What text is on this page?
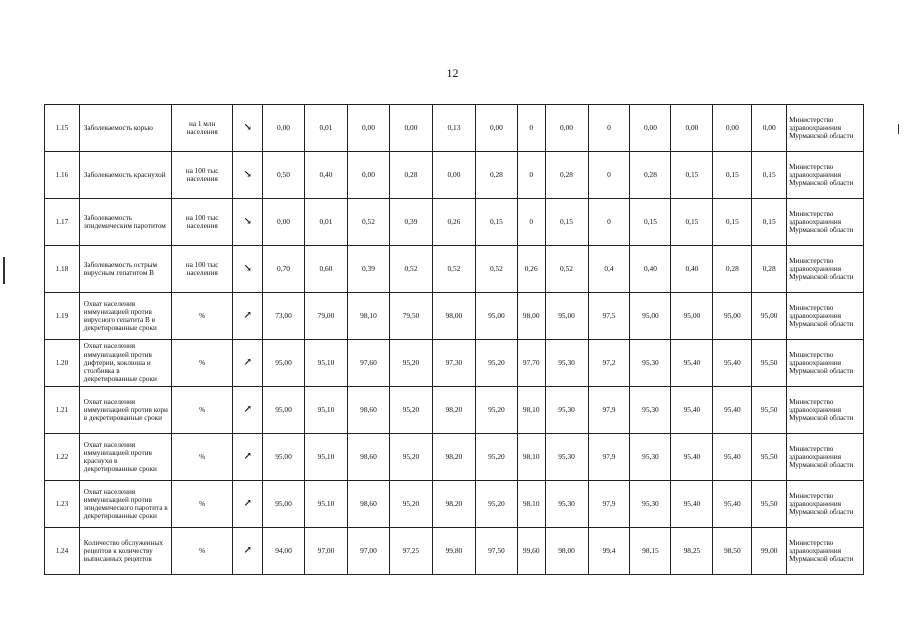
12
1.15	Заболеваемость корью	на 1 млн населения	↘	0,00	0,01	0,00	0,00	0,13	0,00	0	0,00	0	0,00	0,00	0,00	0,00	Министерство здравоохранения Мурманской области
1.16	Заболеваемость краснухой	на 100 тыс населения	↘	0,50	0,40	0,00	0,28	0,00	0,28	0	0,28	0	0,28	0,15	0,15	0,15	Министерство здравоохранения Мурманской области
1.17	Заболеваемость эпидемическим паротитом	на 100 тыс населения	↘	0,00	0,01	0,52	0,39	0,26	0,15	0	0,15	0	0,15	0,15	0,15	0,15	Министерство здравоохранения Мурманской области
1.18	Заболеваемость острым вирусным гепатитом В	на 100 тыс населения	↘	0,70	0,60	0,39	0,52	0,52	0,52	0,26	0,52	0,4	0,40	0,40	0,28	0,28	Министерство здравоохранения Мурманской области
1.19	Охват населения иммунизацией против вирусного гепатита В в декретированные сроки	%	↗	73,00	79,00	98,10	79,50	98,00	95,00	98,00	95,00	97,5	95,00	95,00	95,00	95,00	Министерство здравоохранения Мурманской области
1.20	Охват населения иммунизацией против дифтерии, коклюша и столбняка в декретированные сроки	%	↗	95,00	95,10	97,60	95,20	97,30	95,20	97,70	95,30	97,2	95,30	95,40	95,40	95,50	Министерство здравоохранения Мурманской области
1.21	Охват населения иммунизацией против кори в декретированные сроки	%	↗	95,00	95,10	98,60	95,20	98,20	95,20	98,10	95,30	97,9	95,30	95,40	95,40	95,50	Министерство здравоохранения Мурманской области
1.22	Охват населения иммунизацией против краснухи в декретированные сроки	%	↗	95,00	95,10	98,60	95,20	98,20	95,20	98,10	95,30	97,9	95,30	95,40	95,40	95,50	Министерство здравоохранения Мурманской области
1.23	Охват населения иммунизацией против эпидемического паротита в декретированные сроки	%	↗	95,00	95,10	98,60	95,20	98,20	95,20	98,10	95,30	97,9	95,30	95,40	95,40	95,50	Министерство здравоохранения Мурманской области
1.24	Количество обслуженных рецептов к количеству выписанных рецептов	%	↗	94,00	97,00	97,00	97,25	99,80	97,50	99,60	98,00	99,4	98,15	98,25	98,50	99,00	Министерство здравоохранения Мурманской области
